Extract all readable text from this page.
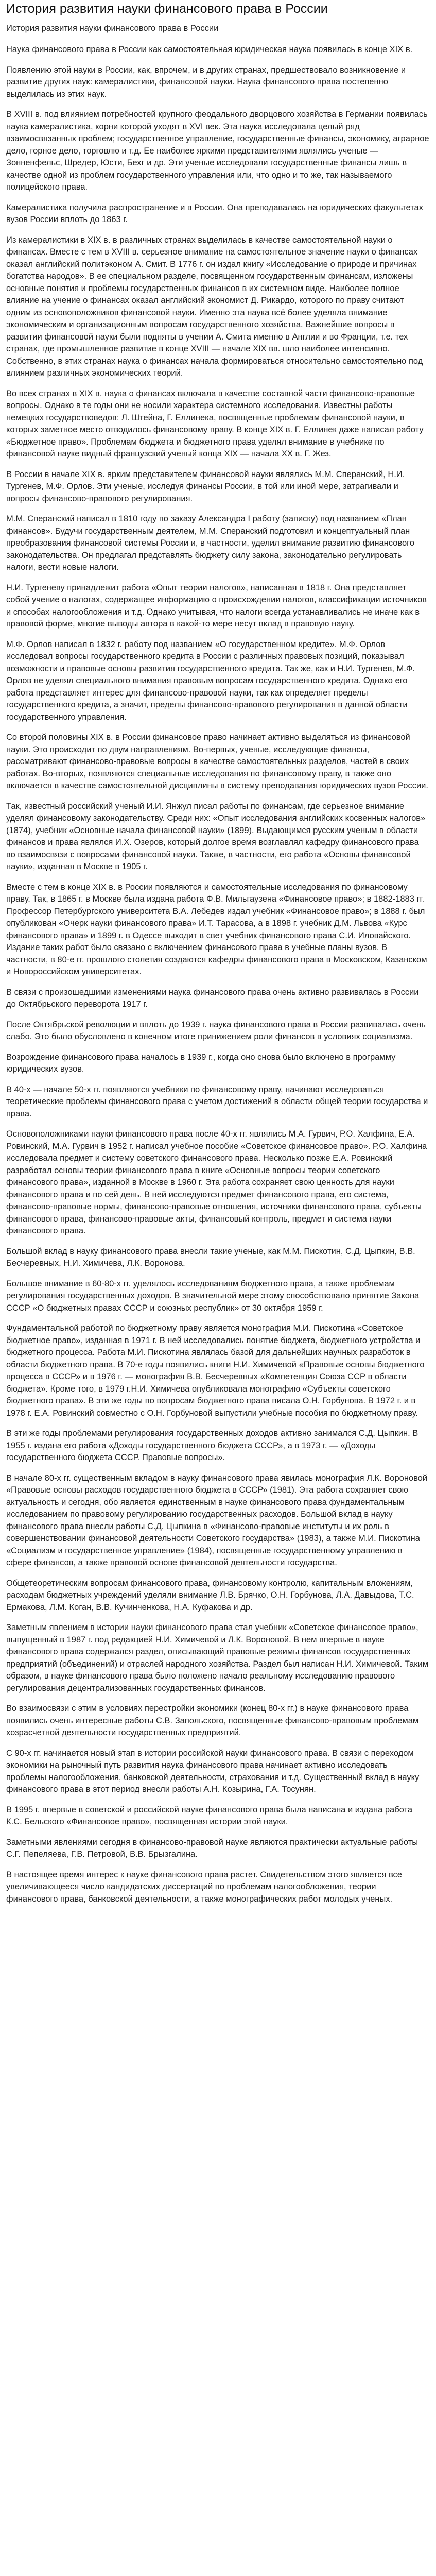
История развития науки финансового права в России
История развития науки финансового права в России

Наука финансового права в России как самостоятельная юридическая наука появилась в конце XIX в.

Появлению этой науки в России, как, впрочем, и в других странах, предшествовало возникновение и развитие других наук: камералистики, финансовой науки. Наука финансового права постепенно выделилась из этих наук.

В XVIII в. под влиянием потребностей крупного феодального дворцового хозяйства в Германии появилась наука камералистика, корни которой уходят в XVI век. Эта наука исследовала целый ряд взаимосвязанных проблем; государственное управление, государственные финансы, экономику, аграрное дело, горное дело, торговлю и т.д. Ее наиболее яркими представителями являлись ученые — Зонненфельс, Шредер, Юсти, Бехг и др. Эти ученые исследовали государственные финансы лишь в качестве одной из проблем государственного управления или, что одно и то же, так называемого полицейского права.

Камералистика получила распространение и в России. Она преподавалась на юридических факультетах вузов России вплоть до 1863 г.

Из камералистики в XIX в. в различных странах выделилась в качестве самостоятельной науки о финансах. Вместе с тем в XVIII в. серьезное внимание на самостоятельное значение науки о финансах оказал английский политэконом А. Смит. В 1776 г. он издал книгу «Исследование о природе и причинах богатства народов». В ее специальном разделе, посвященном государственным финансам, изложены основные понятия и проблемы государственных финансов в их системном виде. Наиболее полное влияние на учение о финансах оказал английский экономист Д. Рикардо, которого по праву считают одним из основоположников финансовой науки. Именно эта наука всё более уделяла внимание экономическим и организационным вопросам государственного хозяйства. Важнейшие вопросы в развитии финансовой науки были подняты в учении А. Смита именно в Англии и во Франции, т.е. тех странах, где промышленное развитие в конце XVIII — начале XIX вв. шло наиболее интенсивно. Собственно, в этих странах наука о финансах начала формироваться относительно самостоятельно под влиянием различных экономических теорий.

Во всех странах в XIX в. наука о финансах включала в качестве составной части финансово-правовые вопросы. Однако в те годы они не носили характера системного исследования. Известны работы немецких государствоведов: Л. Штейна, Г. Еллинека, посвященные проблемам финансовой науки, в которых заметное место отводилось финансовому праву. В конце XIX в. Г. Еллинек даже написал работу «Бюджетное право». Проблемам бюджета и бюджетного права уделял внимание в учебнике по финансовой науке видный французский ученый конца XIX — начала XX в. Г. Жез.

В России в начале XIX в. ярким представителем финансовой науки являлись М.М. Сперанский, Н.И. Тургенев, М.Ф. Орлов. Эти ученые, исследуя финансы России, в той или иной мере, затрагивали и вопросы финансово-правового регулирования.

М.М. Сперанский написал в 1810 году по заказу Александра I работу (записку) под названием «План финансов». Будучи государственным деятелем, М.М. Сперанский подготовил и концептуальный план преобразования финансовой системы России и, в частности, уделил внимание развитию финансового законодательства. Он предлагал представлять бюджету силу закона, законодательно регулировать налоги, вести новые налоги.

Н.И. Тургеневу принадлежит работа «Опыт теории налогов», написанная в 1818 г. Она представляет собой учение о налогах, содержащее информацию о происхождении налогов, классификации источников и способах налогообложения и т.д. Однако учитывая, что налоги всегда устанавливались не иначе как в правовой форме, многие выводы автора в какой-то мере несут вклад в правовую науку.

М.Ф. Орлов написал в 1832 г. работу под названием «О государственном кредите». М.Ф. Орлов исследовал вопросы государственного кредита в России с различных правовых позиций, показывал возможности и правовые основы развития государственного кредита. Так же, как и Н.И. Тургенев, М.Ф. Орлов не уделял специального внимания правовым вопросам государственного кредита. Однако его работа представляет интерес для финансово-правовой науки, так как определяет пределы государственного кредита, а значит, пределы финансово-правового регулирования в данной области государственного управления.

Со второй половины XIX в. в России финансовое право начинает активно выделяться из финансовой науки. Это происходит по двум направлениям. Во-первых, ученые, исследующие финансы, рассматривают финансово-правовые вопросы в качестве самостоятельных разделов, частей в своих работах. Во-вторых, появляются специальные исследования по финансовому праву, в также оно включается в качестве самостоятельной дисциплины в систему преподавания юридических вузов России.

Так, известный российский ученый И.И. Янжул писал работы по финансам, где серьезное внимание уделял финансовому законодательству. Среди них: «Опыт исследования английских косвенных налогов» (1874), учебник «Основные начала финансовой науки» (1899). Выдающимся русским ученым в области финансов и права являлся И.Х. Озеров, который долгое время возглавлял кафедру финансового права во взаимосвязи с вопросами финансовой науки. Также, в частности, его работа «Основы финансовой науки», изданная в Москве в 1905 г.

Вместе с тем в конце XIX в. в России появляются и самостоятельные исследования по финансовому праву. Так, в 1865 г. в Москве была издана работа Ф.В. Мильгаузена «Финансовое право»; в 1882-1883 гг. Профессор Петербургского университета В.А. Лебедев издал учебник «Финансовое право»; в 1888 г. был опубликован «Очерк науки финансового права» И.Т. Тарасова, а в 1898 г. учебник Д.М. Львова «Курс финансового права» и 1899 г. в Одессе выходит в свет учебник финансового права С.И. Иловайского. Издание таких работ было связано с включением финансового права в учебные планы вузов. В частности, в 80-е гг. прошлого столетия создаются кафедры финансового права в Московском, Казанском и Новороссийском университетах.

В связи с произошедшими изменениями наука финансового права очень активно развивалась в России до Октябрьского переворота 1917 г.

После Октябрьской революции и вплоть до 1939 г. наука финансового права в России развивалась очень слабо. Это было обусловлено в конечном итоге принижением роли финансов в условиях социализма.

Возрождение финансового права началось в 1939 г., когда оно снова было включено в программу юридических вузов.

В 40-х — начале 50-х гг. появляются учебники по финансовому праву, начинают исследоваться теоретические проблемы финансового права с учетом достижений в области общей теории государства и права.

Основоположниками науки финансового права после 40-х гг. являлись М.А. Гурвич, Р.О. Халфина, Е.А. Ровинский, М.А. Гурвич в 1952 г. написал учебное пособие «Советское финансовое право». Р.О. Халфина исследовала предмет и систему советского финансового права. Несколько позже Е.А. Ровинский разработал основы теории финансового права в книге «Основные вопросы теории советского финансового права», изданной в Москве в 1960 г. Эта работа сохраняет свою ценность для науки финансового права и по сей день. В ней исследуются предмет финансового права, его система, финансово-правовые нормы, финансово-правовые отношения, источники финансового права, субъекты финансового права, финансово-правовые акты, финансовый контроль, предмет и система науки финансового права.

Большой вклад в науку финансового права внесли такие ученые, как М.М. Пискотин, С.Д. Цыпкин, В.В. Бесчеревных, Н.И. Химичева, Л.К. Воронова.

Большое внимание в 60-80-х гг. уделялось исследованиям бюджетного права, а также проблемам регулирования государственных доходов. В значительной мере этому способствовало принятие Закона СССР «О бюджетных правах СССР и союзных республик» от 30 октября 1959 г.

Фундаментальной работой по бюджетному праву является монография М.И. Пискотина «Советское бюджетное право», изданная в 1971 г. В ней исследовались понятие бюджета, бюджетного устройства и бюджетного процесса. Работа М.И. Пискотина являлась базой для дальнейших научных разработок в области бюджетного права. В 70-е годы появились книги Н.И. Химичевой «Правовые основы бюджетного процесса в СССР» и в 1976 г. — монография В.В. Бесчеревных «Компетенция Союза ССР в области бюджета». Кроме того, в 1979 г.Н.И. Химичева опубликовала монографию «Субъекты советского бюджетного права». В эти же годы по вопросам бюджетного права писала О.Н. Горбунова. В 1972 г. и в 1978 г. Е.А. Ровинский совместно с О.Н. Горбуновой выпустили учебные пособия по бюджетному праву.

В эти же годы проблемами регулирования государственных доходов активно занимался С.Д. Цыпкин. В 1955 г. издана его работа «Доходы государственного бюджета СССР», а в 1973 г. — «Доходы государственного бюджета СССР. Правовые вопросы».

В начале 80-х гг. существенным вкладом в науку финансового права явилась монография Л.К. Вороновой «Правовые основы расходов государственного бюджета в СССР» (1981). Эта работа сохраняет свою актуальность и сегодня, обо является единственным в науке финансового права фундаментальным исследованием по правовому регулированию государственных расходов. Большой вклад в науку финансового права внесли работы С.Д. Цыпкина в «Финансово-правовые институты и их роль в совершенствовании финансовой деятельности Советского государства» (1983), а также М.И. Пискотина «Социализм и государственное управление» (1984), посвященные государственному управлению в сфере финансов, а также правовой основе финансовой деятельности государства.

Общетеоретическим вопросам финансового права, финансовому контролю, капитальным вложениям, расходам бюджетных учреждений уделяли внимание Л.В. Брячко, О.Н. Горбунова, Л.А. Давыдова, Т.С. Ермакова, Л.М. Коган, В.В. Кучинченкова, Н.А. Куфакова и др.

Заметным явлением в истории науки финансового права стал учебник «Советское финансовое право», выпущенный в 1987 г. под редакцией Н.И. Химичевой и Л.К. Вороновой. В нем впервые в науке финансового права содержался раздел, описывающий правовые режимы финансов государственных предприятий (объединений) и отраслей народного хозяйства. Раздел был написан Н.И. Химичевой. Таким образом, в науке финансового права было положено начало реальному исследованию правового регулирования децентрализованных государственных финансов.

Во взаимосвязи с этим в условиях перестройки экономики (конец 80-х гг.) в науке финансового права появились очень интересные работы С.В. Запольского, посвященные финансово-правовым проблемам хозрасчетной деятельности государственных предприятий.

С 90-х гг. начинается новый этап в истории российской науки финансового права. В связи с переходом экономики на рыночный путь развития наука финансового права начинает активно исследовать проблемы налогообложения, банковской деятельности, страхования и т.д. Существенный вклад в науку финансового права в этот период внесли работы А.Н. Козырина, Г.А. Тосунян.

В 1995 г. впервые в советской и российской науке финансового права была написана и издана работа К.С. Бельского «Финансовое право», посвященная истории этой науки.

Заметными явлениями сегодня в финансово-правовой науке являются практически актуальные работы С.Г. Пепеляева, Г.В. Петровой, В.В. Брызгалина.

В настоящее время интерес к науке финансового права растет. Свидетельством этого является все увеличивающееся число кандидатских диссертаций по проблемам налогообложения, теории финансового права, банковской деятельности, а также монографических работ молодых ученых.
